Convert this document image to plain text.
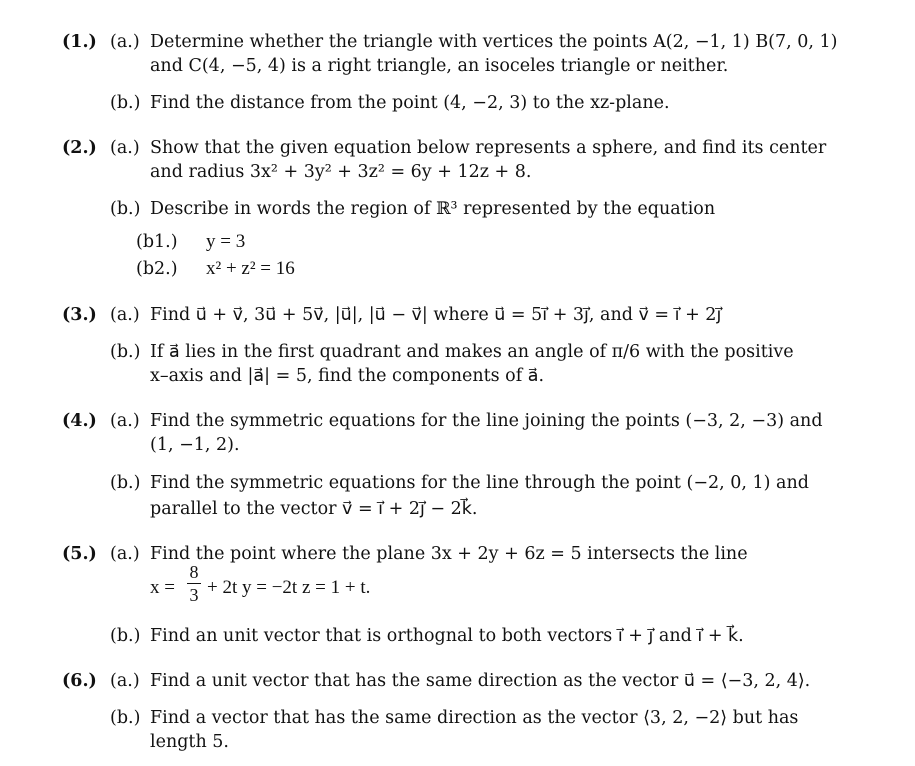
(1.) (a.) Determine whether the triangle with vertices the points A(2, −1, 1) B(7, 0, 1)
and C(4, −5, 4) is a right triangle, an isoceles triangle or neither.
(b.) Find the distance from the point (4, −2, 3) to the xz-plane.
(2.) (a.) Show that the given equation below represents a sphere, and find its center
and radius 3x² + 3y² + 3z² = 6y + 12z + 8.
(b.) Describe in words the region of ℝ³ represented by the equation
(b1.) y = 3
(b2.) x² + z² = 16
(3.) (a.) Find u⃗ + v⃗, 3u⃗ + 5v⃗, |u⃗|, |u⃗ − v⃗| where u⃗ = 5i⃗ + 3j⃗, and v⃗ = i⃗ + 2j⃗
(b.) If a⃗ lies in the first quadrant and makes an angle of π/6 with the positive
x–axis and |a⃗| = 5, find the components of a⃗.
(4.) (a.) Find the symmetric equations for the line joining the points (−3, 2, −3) and
(1, −1, 2).
(b.) Find the symmetric equations for the line through the point (−2, 0, 1) and
parallel to the vector v⃗ = i⃗ + 2j⃗ − 2k⃗.
(5.) (a.) Find the point where the plane 3x + 2y + 6z = 5 intersects the line
x =
8
3 + 2t y = −2t z = 1 + t.
(b.) Find an unit vector that is orthognal to both vectors i⃗ + j⃗ and i⃗ + k⃗.
(6.) (a.) Find a unit vector that has the same direction as the vector u⃗ = ⟨−3, 2, 4⟩.
(b.) Find a vector that has the same direction as the vector ⟨3, 2, −2⟩ but has
length 5.
